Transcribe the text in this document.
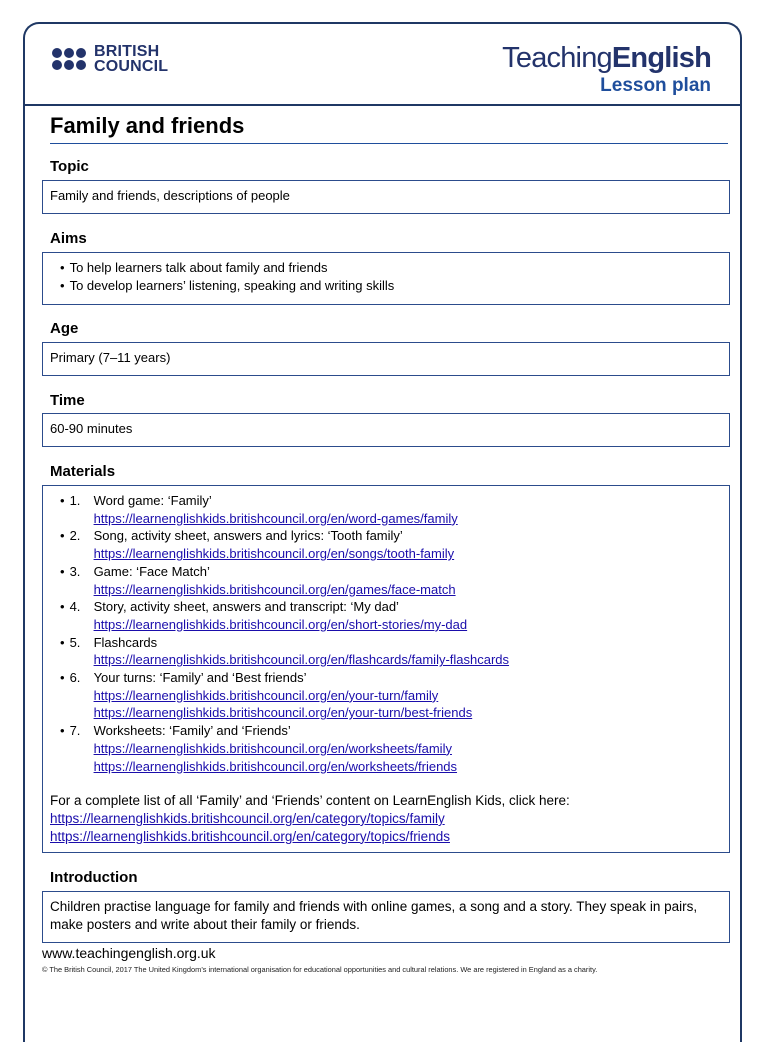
BRITISH
COUNCIL	TeachingEnglish
Lesson plan
Family and friends
Topic
Family and friends, descriptions of people
Aims
• To help learners talk about family and friends
• To develop learners’ listening, speaking and writing skills
Age
Primary (7–11 years)
Time
60-90 minutes
Materials
• 1.	Word game: ‘Family’
https://learnenglishkids.britishcouncil.org/en/word-games/family
• 2.	Song, activity sheet, answers and lyrics: ‘Tooth family’
https://learnenglishkids.britishcouncil.org/en/songs/tooth-family
• 3.	Game: ‘Face Match’
https://learnenglishkids.britishcouncil.org/en/games/face-match
• 4.	Story, activity sheet, answers and transcript: ‘My dad’
https://learnenglishkids.britishcouncil.org/en/short-stories/my-dad
• 5.	Flashcards
https://learnenglishkids.britishcouncil.org/en/flashcards/family-flashcards
• 6.	Your turns: ‘Family’ and ‘Best friends’
https://learnenglishkids.britishcouncil.org/en/your-turn/family
https://learnenglishkids.britishcouncil.org/en/your-turn/best-friends
• 7.	Worksheets: ‘Family’ and ‘Friends’
https://learnenglishkids.britishcouncil.org/en/worksheets/family
https://learnenglishkids.britishcouncil.org/en/worksheets/friends
For a complete list of all ‘Family’ and ‘Friends’ content on LearnEnglish Kids, click here:
https://learnenglishkids.britishcouncil.org/en/category/topics/family
https://learnenglishkids.britishcouncil.org/en/category/topics/friends
Introduction
Children practise language for family and friends with online games, a song and a story. They speak in pairs, make posters and write about their family or friends.
www.teachingenglish.org.uk
© The British Council, 2017 The United Kingdom’s international organisation for educational opportunities and cultural relations. We are registered in England as a charity.
